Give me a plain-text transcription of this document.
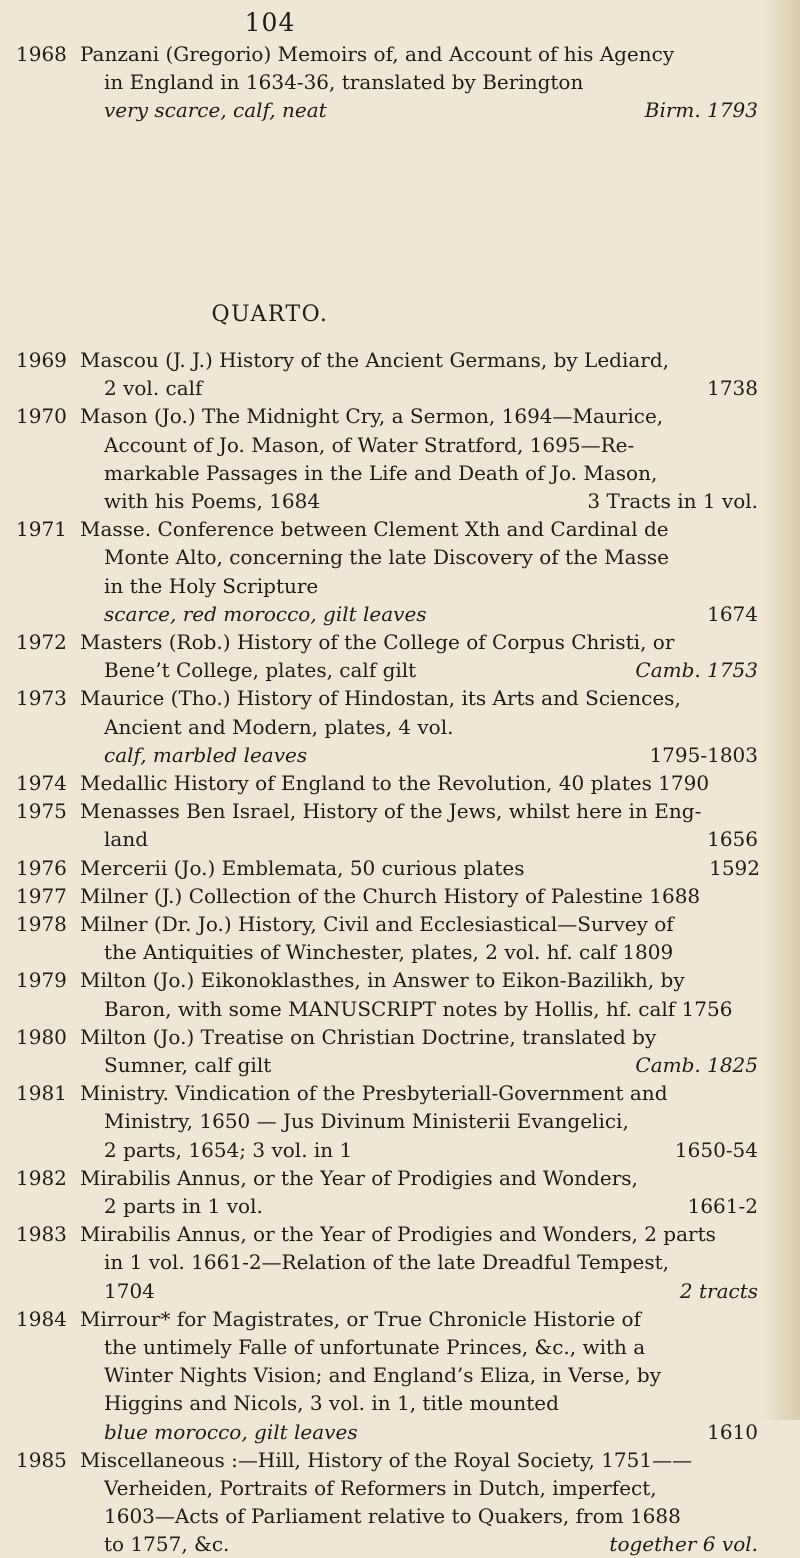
104
QUARTO.
1968 Panzani (Gregorio) Memoirs of, and Account of his Agency
in England in 1634-36, translated by Berington
very scarce, calf, neat	Birm. 1793
1969 Mascou (J. J.) History of the Ancient Germans, by Lediard,
2 vol. calf	1738
1970 Mason (Jo.) The Midnight Cry, a Sermon, 1694—Maurice,
Account of Jo. Mason, of Water Stratford, 1695—Re-
markable Passages in the Life and Death of Jo. Mason,
with his Poems, 1684	3 Tracts in 1 vol.
1971 Masse. Conference between Clement Xth and Cardinal de
Monte Alto, concerning the late Discovery of the Masse
in the Holy Scripture
scarce, red morocco, gilt leaves	1674
1972 Masters (Rob.) History of the College of Corpus Christi, or
Bene’t College, plates, calf gilt	Camb. 1753
1973 Maurice (Tho.) History of Hindostan, its Arts and Sciences,
Ancient and Modern, plates, 4 vol.
calf, marbled leaves	1795-1803
1974 Medallic History of England to the Revolution, 40 plates 1790
1975 Menasses Ben Israel, History of the Jews, whilst here in Eng-
land	1656
1976 Mercerii (Jo.) Emblemata, 50 curious plates	1592
1977 Milner (J.) Collection of the Church History of Palestine 1688
1978 Milner (Dr. Jo.) History, Civil and Ecclesiastical—Survey of
the Antiquities of Winchester, plates, 2 vol. hf. calf 1809
1979 Milton (Jo.) Eikonoklasthes, in Answer to Eikon-Bazilikh, by
Baron, with some MANUSCRIPT notes by Hollis, hf. calf 1756
1980 Milton (Jo.) Treatise on Christian Doctrine, translated by
Sumner, calf gilt	Camb. 1825
1981 Ministry. Vindication of the Presbyteriall-Government and
Ministry, 1650 — Jus Divinum Ministerii Evangelici,
2 parts, 1654; 3 vol. in 1	1650-54
1982 Mirabilis Annus, or the Year of Prodigies and Wonders,
2 parts in 1 vol.	1661-2
1983 Mirabilis Annus, or the Year of Prodigies and Wonders, 2 parts
in 1 vol. 1661-2—Relation of the late Dreadful Tempest,
1704	2 tracts
1984 Mirrour* for Magistrates, or True Chronicle Historie of
the untimely Falle of unfortunate Princes, &c., with a
Winter Nights Vision; and England’s Eliza, in Verse, by
Higgins and Nicols, 3 vol. in 1, title mounted
blue morocco, gilt leaves	1610
1985 Miscellaneous :—Hill, History of the Royal Society, 1751——
Verheiden, Portraits of Reformers in Dutch, imperfect,
1603—Acts of Parliament relative to Quakers, from 1688
to 1757, &c.	together 6 vol.
